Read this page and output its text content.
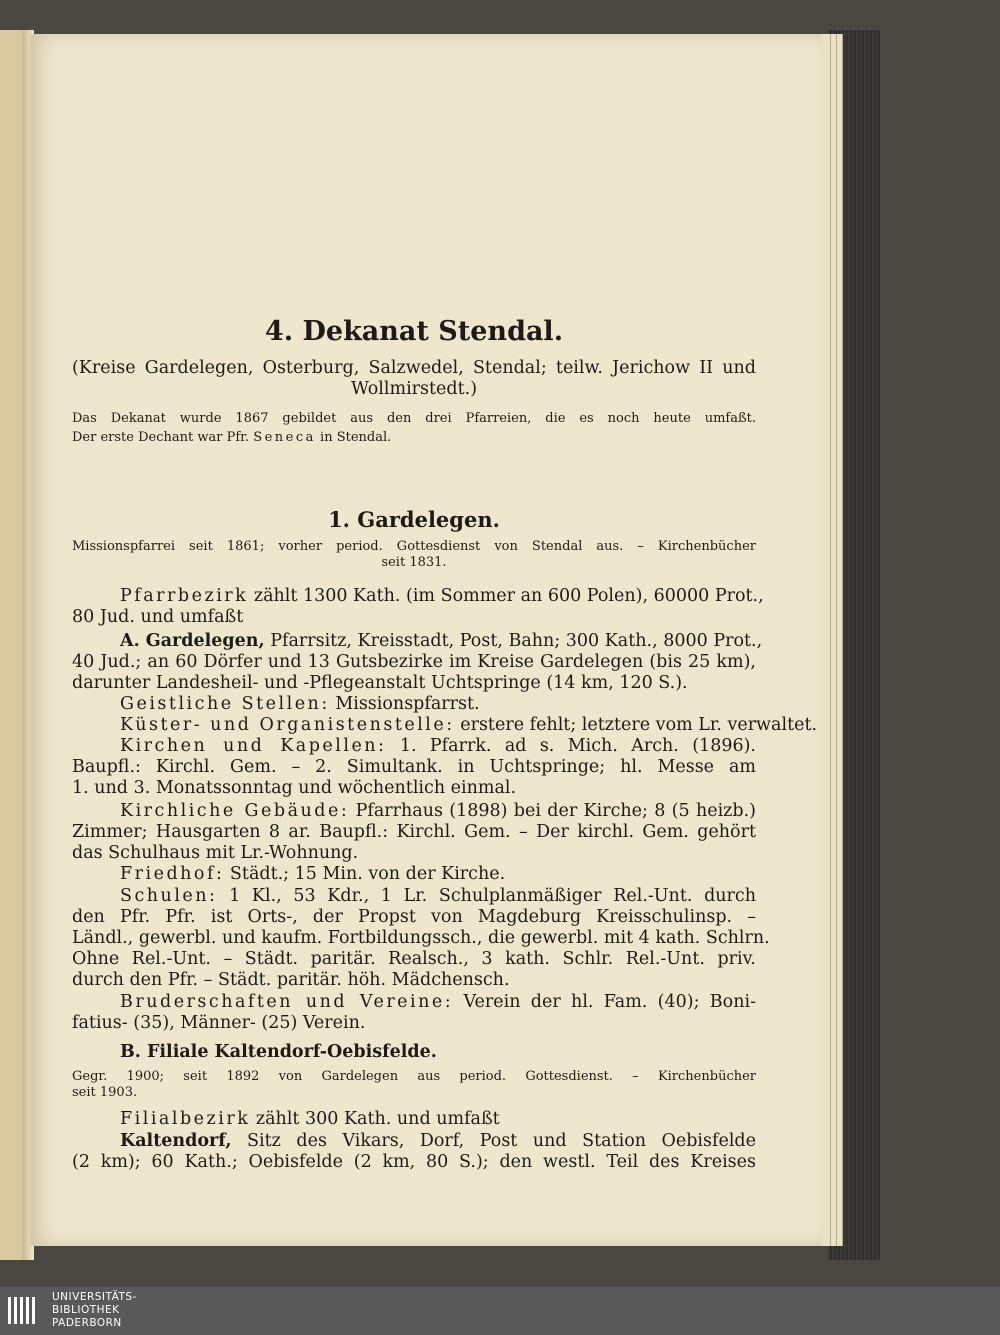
4. Dekanat Stendal.
(Kreise Gardelegen, Osterburg, Salzwedel, Stendal; teilw. Jerichow II und
Wollmirstedt.)
Das Dekanat wurde 1867 gebildet aus den drei Pfarreien, die es noch heute umfaßt.
Der erste Dechant war Pfr. Seneca in Stendal.
1. Gardelegen.
Missionspfarrei seit 1861; vorher period. Gottesdienst von Stendal aus. – Kirchenbücher
seit 1831.
Pfarrbezirk zählt 1300 Kath. (im Sommer an 600 Polen), 60000 Prot.,
80 Jud. und umfaßt
A. Gardelegen, Pfarrsitz, Kreisstadt, Post, Bahn; 300 Kath., 8000 Prot.,
40 Jud.; an 60 Dörfer und 13 Gutsbezirke im Kreise Gardelegen (bis 25 km),
darunter Landesheil- und -Pflegeanstalt Uchtspringe (14 km, 120 S.).
Geistliche Stellen: Missionspfarrst.
Küster- und Organistenstelle: erstere fehlt; letztere vom Lr. verwaltet.
Kirchen und Kapellen: 1. Pfarrk. ad s. Mich. Arch. (1896).
Baupfl.: Kirchl. Gem. – 2. Simultank. in Uchtspringe; hl. Messe am
1. und 3. Monatssonntag und wöchentlich einmal.
Kirchliche Gebäude: Pfarrhaus (1898) bei der Kirche; 8 (5 heizb.)
Zimmer; Hausgarten 8 ar. Baupfl.: Kirchl. Gem. – Der kirchl. Gem. gehört
das Schulhaus mit Lr.-Wohnung.
Friedhof: Städt.; 15 Min. von der Kirche.
Schulen: 1 Kl., 53 Kdr., 1 Lr. Schulplanmäßiger Rel.-Unt. durch
den Pfr. Pfr. ist Orts-, der Propst von Magdeburg Kreisschulinsp. –
Ländl., gewerbl. und kaufm. Fortbildungssch., die gewerbl. mit 4 kath. Schlrn.
Ohne Rel.-Unt. – Städt. paritär. Realsch., 3 kath. Schlr. Rel.-Unt. priv.
durch den Pfr. – Städt. paritär. höh. Mädchensch.
Bruderschaften und Vereine: Verein der hl. Fam. (40); Boni-
fatius- (35), Männer- (25) Verein.
B. Filiale Kaltendorf-Oebisfelde.
Gegr. 1900; seit 1892 von Gardelegen aus period. Gottesdienst. – Kirchenbücher
seit 1903.
Filialbezirk zählt 300 Kath. und umfaßt
Kaltendorf, Sitz des Vikars, Dorf, Post und Station Oebisfelde
(2 km); 60 Kath.; Oebisfelde (2 km, 80 S.); den westl. Teil des Kreises
UNIVERSITÄTS-
BIBLIOTHEK
PADERBORN
